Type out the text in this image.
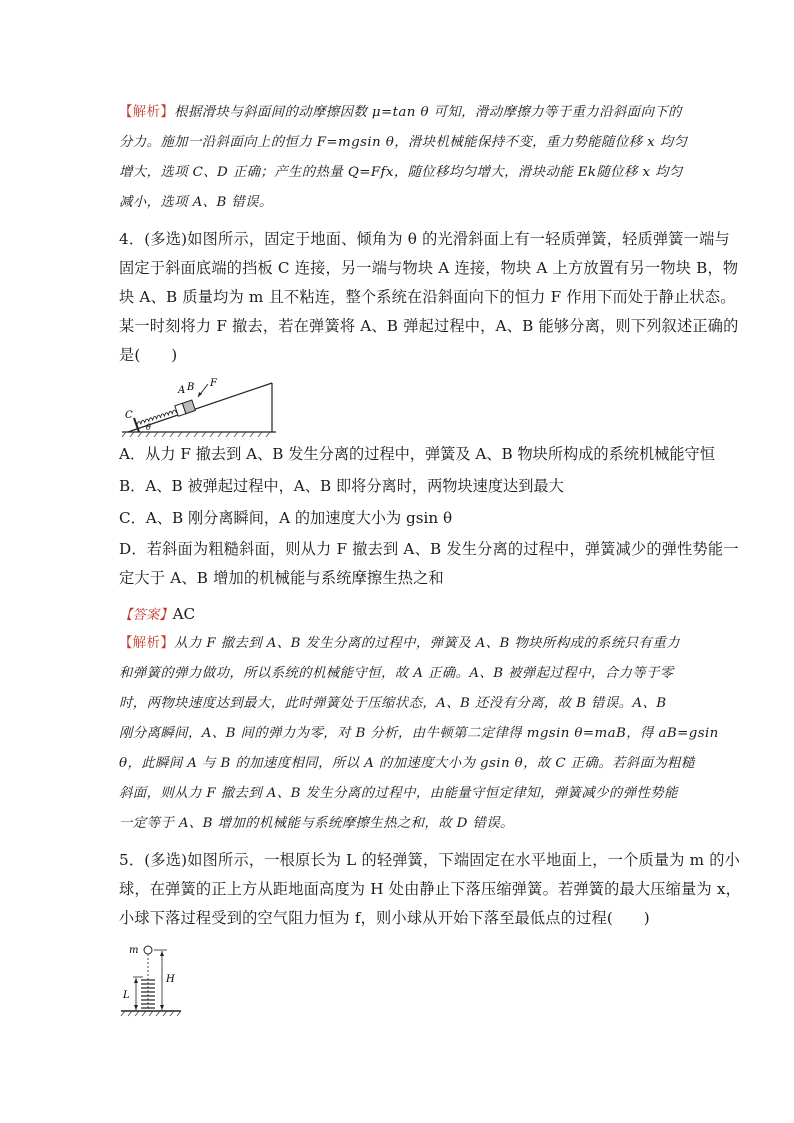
【解析】根据滑块与斜面间的动摩擦因数 μ=tan θ 可知，滑动摩擦力等于重力沿斜面向下的
分力。施加一沿斜面向上的恒力 F=mgsin θ，滑块机械能保持不变，重力势能随位移 x 均匀
增大，选项 C、D 正确；产生的热量 Q=Ffx，随位移均匀增大，滑块动能 Ek随位移 x 均匀
减小，选项 A、B 错误。
4．(多选)如图所示，固定于地面、倾角为 θ 的光滑斜面上有一轻质弹簧，轻质弹簧一端与
固定于斜面底端的挡板 C 连接，另一端与物块 A 连接，物块 A 上方放置有另一物块 B，物
块 A、B 质量均为 m 且不粘连，整个系统在沿斜面向下的恒力 F 作用下而处于静止状态。
某一时刻将力 F 撤去，若在弹簧将 A、B 弹起过程中，A、B 能够分离，则下列叙述正确的
是(　　)
A B F
C
θ
A．从力 F 撤去到 A、B 发生分离的过程中，弹簧及 A、B 物块所构成的系统机械能守恒
B．A、B 被弹起过程中，A、B 即将分离时，两物块速度达到最大
C．A、B 刚分离瞬间，A 的加速度大小为 gsin θ
D．若斜面为粗糙斜面，则从力 F 撤去到 A、B 发生分离的过程中，弹簧减少的弹性势能一
定大于 A、B 增加的机械能与系统摩擦生热之和
【答案】AC
【解析】从力 F 撤去到 A、B 发生分离的过程中，弹簧及 A、B 物块所构成的系统只有重力
和弹簧的弹力做功，所以系统的机械能守恒，故 A 正确。A、B 被弹起过程中，合力等于零
时，两物块速度达到最大，此时弹簧处于压缩状态，A、B 还没有分离，故 B 错误。A、B
刚分离瞬间，A、B 间的弹力为零，对 B 分析，由牛顿第二定律得 mgsin θ=maB，得 aB=gsin
θ，此瞬间 A 与 B 的加速度相同，所以 A 的加速度大小为 gsin θ，故 C 正确。若斜面为粗糙
斜面，则从力 F 撤去到 A、B 发生分离的过程中，由能量守恒定律知，弹簧减少的弹性势能
一定等于 A、B 增加的机械能与系统摩擦生热之和，故 D 错误。
5．(多选)如图所示，一根原长为 L 的轻弹簧，下端固定在水平地面上，一个质量为 m 的小
球，在弹簧的正上方从距地面高度为 H 处由静止下落压缩弹簧。若弹簧的最大压缩量为 x，
小球下落过程受到的空气阻力恒为 f，则小球从开始下落至最低点的过程(　　)
m
H
L
